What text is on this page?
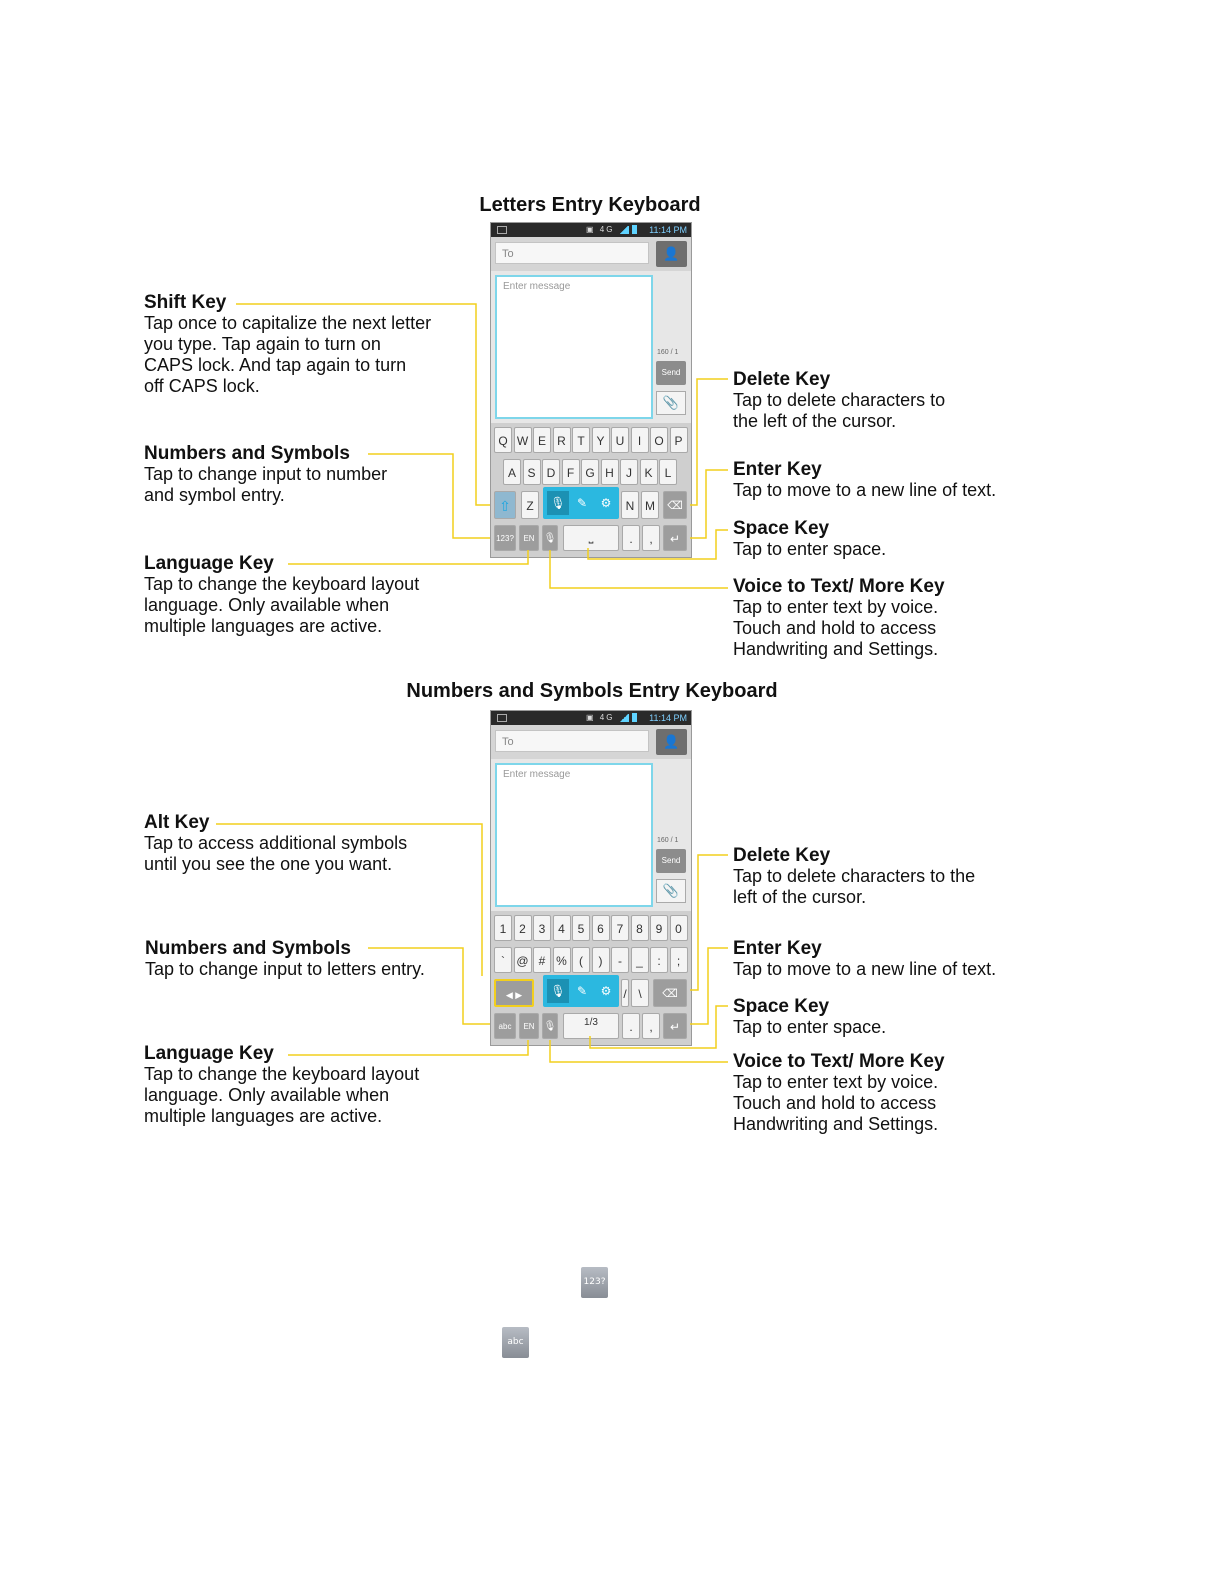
Letters Entry Keyboard
▣ 4G	11:14 PM
To	👤
Enter message
160 / 1
Send
📎
Q W E R T Y U	I	O P
A S D F G H	J	K	L
⇧	Z	🎙 ✎	⚙	N M	⌫
123?	EN 🎙	⎵	.	,	↵
Shift Key
Tap once to capitalize the next letter
you type. Tap again to turn on
CAPS lock. And tap again to turn
off CAPS lock.
Numbers and Symbols
Tap to change input to number
and symbol entry.
Language Key
Tap to change the keyboard layout
language. Only available when
multiple languages are active.
Delete Key
Tap to delete characters to
the left of the cursor.
Enter Key
Tap to move to a new line of text.
Space Key
Tap to enter space.
Voice to Text/ More Key
Tap to enter text by voice.
Touch and hold to access
Handwriting and Settings.
Numbers and Symbols Entry Keyboard
▣ 4G	11:14 PM
To	👤
Enter message
160 / 1
Send
📎
1	2	3	4	5	6	7	8	9	0
` @ # %	(	)	-	_	:	;
◀ ▶	🎙 ✎	⚙ / \	⌫
abc	EN 🎙	1/3	.	,	↵
Alt Key
Tap to access additional symbols
until you see the one you want.
Numbers and Symbols
Tap to change input to letters entry.
Language Key
Tap to change the keyboard layout
language. Only available when
multiple languages are active.
Delete Key
Tap to delete characters to the
left of the cursor.
Enter Key
Tap to move to a new line of text.
Space Key
Tap to enter space.
Voice to Text/ More Key
Tap to enter text by voice.
Touch and hold to access
Handwriting and Settings.
123?
abc
